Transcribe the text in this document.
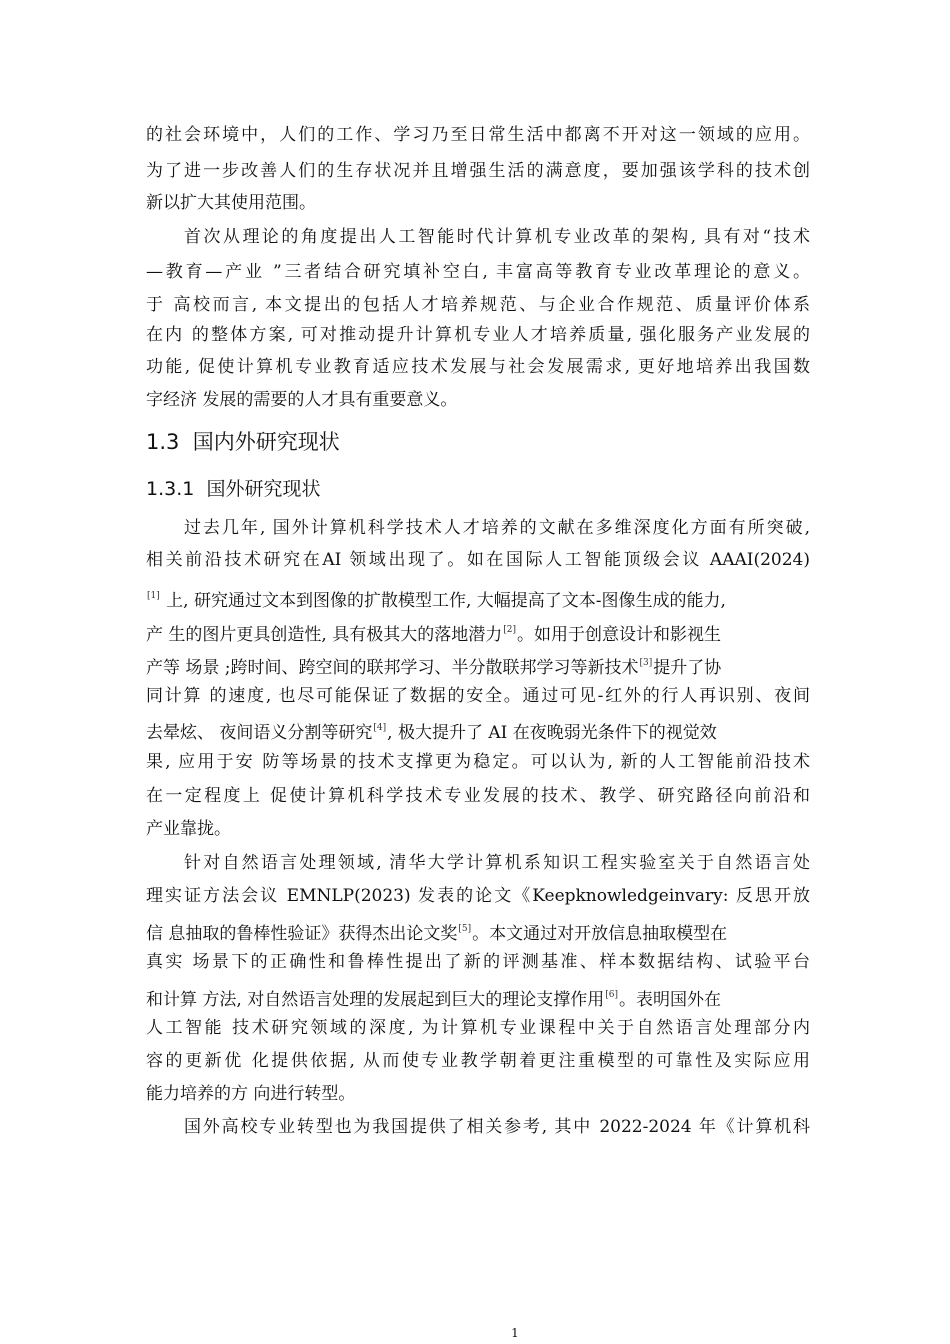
的社会环境中，人们的工作、学习乃至日常生活中都离不开对这一领域的应用。
为了进一步改善人们的生存状况并且增强生活的满意度，要加强该学科的技术创
新以扩大其使用范围。
首次从理论的角度提出人工智能时代计算机专业改革的架构, 具有对“技术
—教育—产业 ”三者结合研究填补空白, 丰富高等教育专业改革理论的意义。
于 高校而言, 本文提出的包括人才培养规范、与企业合作规范、质量评价体系
在内 的整体方案, 可对推动提升计算机专业人才培养质量, 强化服务产业发展的
功能, 促使计算机专业教育适应技术发展与社会发展需求, 更好地培养出我国数
字经济 发展的需要的人才具有重要意义。
1.3 国内外研究现状
1.3.1 国外研究现状
过去几年, 国外计算机科学技术人才培养的文献在多维深度化方面有所突破,
相关前沿技术研究在AI 领域出现了。如在国际人工智能顶级会议 AAAI(2024)
[1] 上, 研究通过文本到图像的扩散模型工作, 大幅提高了文本-图像生成的能力,
产 生的图片更具创造性, 具有极其大的落地潜力[2]。如用于创意设计和影视生
产等 场景 ;跨时间、跨空间的联邦学习、半分散联邦学习等新技术[3]提升了协
同计算 的速度, 也尽可能保证了数据的安全。通过可见-红外的行人再识别、夜间
去晕炫、 夜间语义分割等研究[4], 极大提升了 AI 在夜晚弱光条件下的视觉效
果, 应用于安 防等场景的技术支撑更为稳定。可以认为, 新的人工智能前沿技术
在一定程度上 促使计算机科学技术专业发展的技术、教学、研究路径向前沿和
产业靠拢。
针对自然语言处理领域, 清华大学计算机系知识工程实验室关于自然语言处
理实证方法会议 EMNLP(2023) 发表的论文《Keepknowledgeinvary: 反思开放
信 息抽取的鲁棒性验证》获得杰出论文奖[5]。本文通过对开放信息抽取模型在
真实 场景下的正确性和鲁棒性提出了新的评测基准、样本数据结构、试验平台
和计算 方法, 对自然语言处理的发展起到巨大的理论支撑作用[6]。表明国外在
人工智能 技术研究领域的深度, 为计算机专业课程中关于自然语言处理部分内
容的更新优 化提供依据, 从而使专业教学朝着更注重模型的可靠性及实际应用
能力培养的方 向进行转型。
国外高校专业转型也为我国提供了相关参考, 其中 2022-2024 年《计算机科
1
